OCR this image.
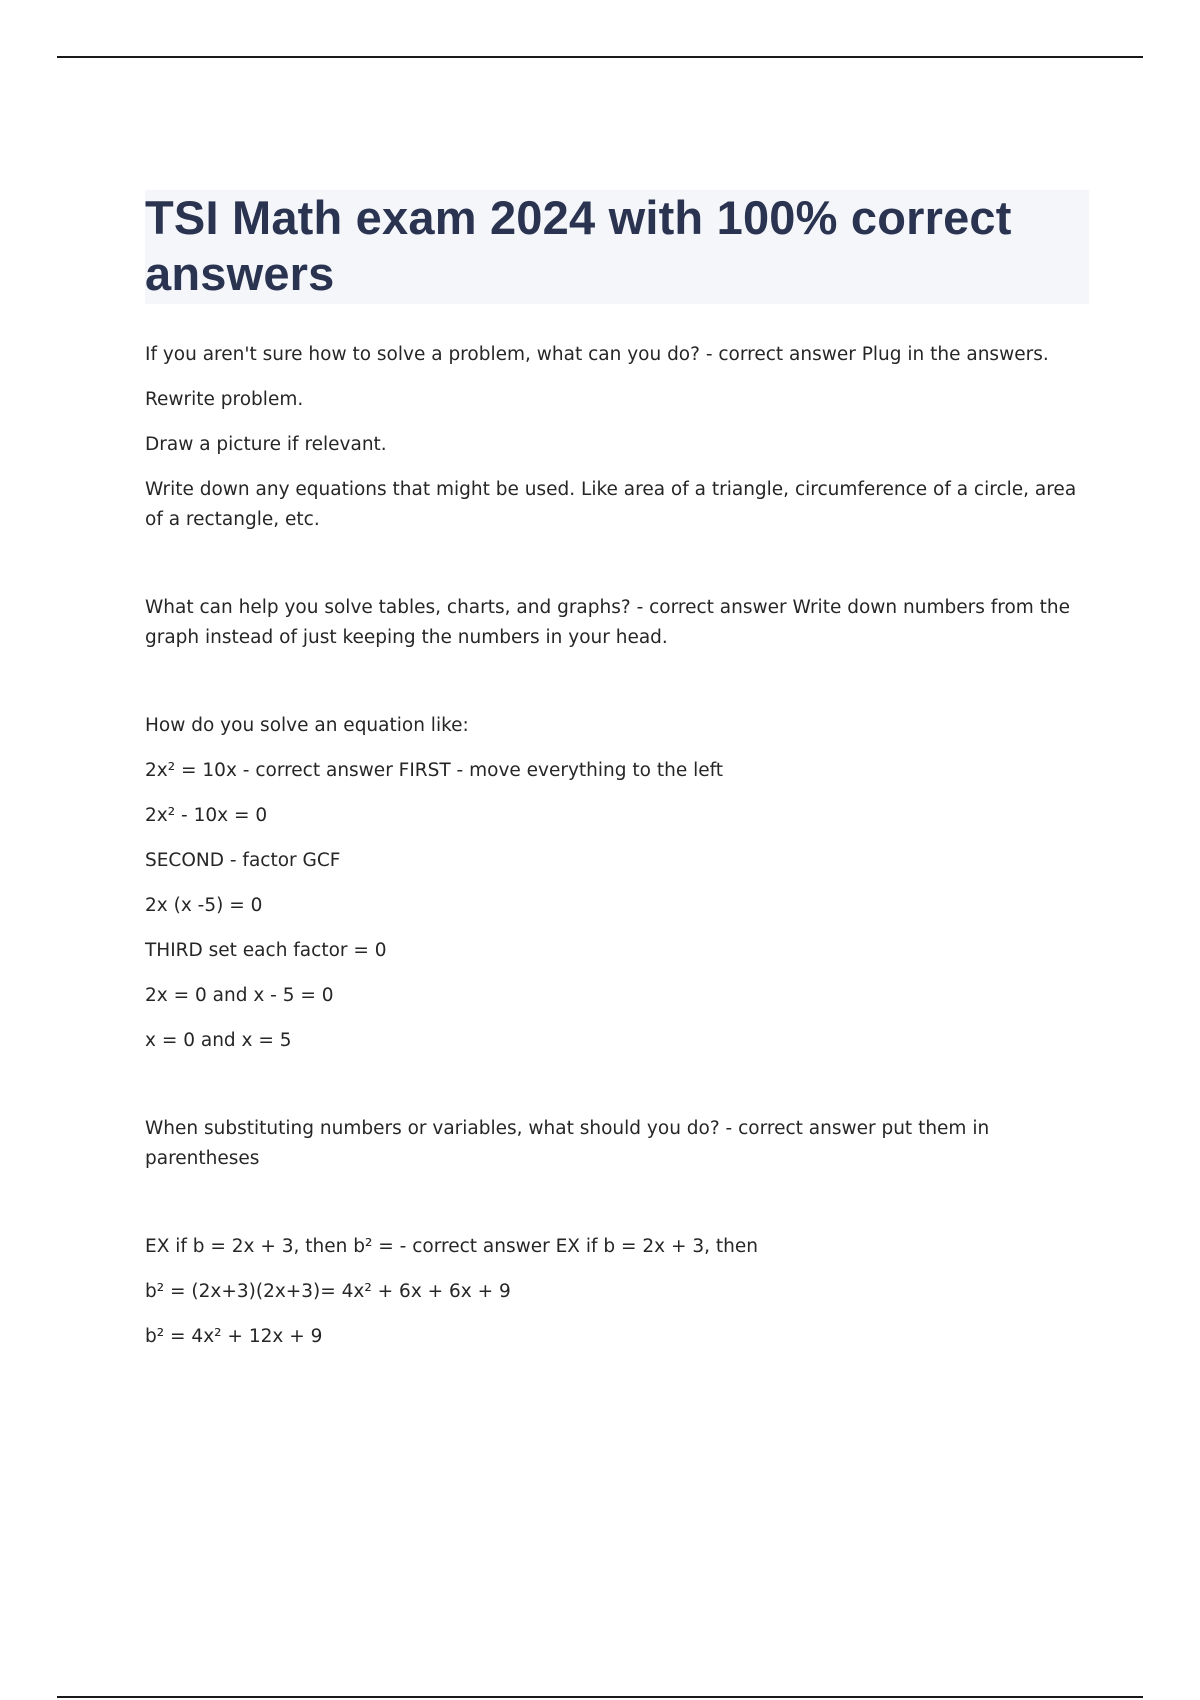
TSI Math exam 2024 with 100% correct answers

If you aren't sure how to solve a problem, what can you do? - correct answer Plug in the answers.

Rewrite problem.

Draw a picture if relevant.

Write down any equations that might be used. Like area of a triangle, circumference of a circle, area of a rectangle, etc.

What can help you solve tables, charts, and graphs? - correct answer Write down numbers from the graph instead of just keeping the numbers in your head.

How do you solve an equation like:

2x² = 10x - correct answer FIRST - move everything to the left

2x² - 10x = 0

SECOND - factor GCF

2x (x -5) = 0

THIRD set each factor = 0

2x = 0 and x - 5 = 0

x = 0 and x = 5

When substituting numbers or variables, what should you do? - correct answer put them in parentheses

EX if b = 2x + 3, then b² = - correct answer EX if b = 2x + 3, then

b² = (2x+3)(2x+3)= 4x² + 6x + 6x + 9

b² = 4x² + 12x + 9
